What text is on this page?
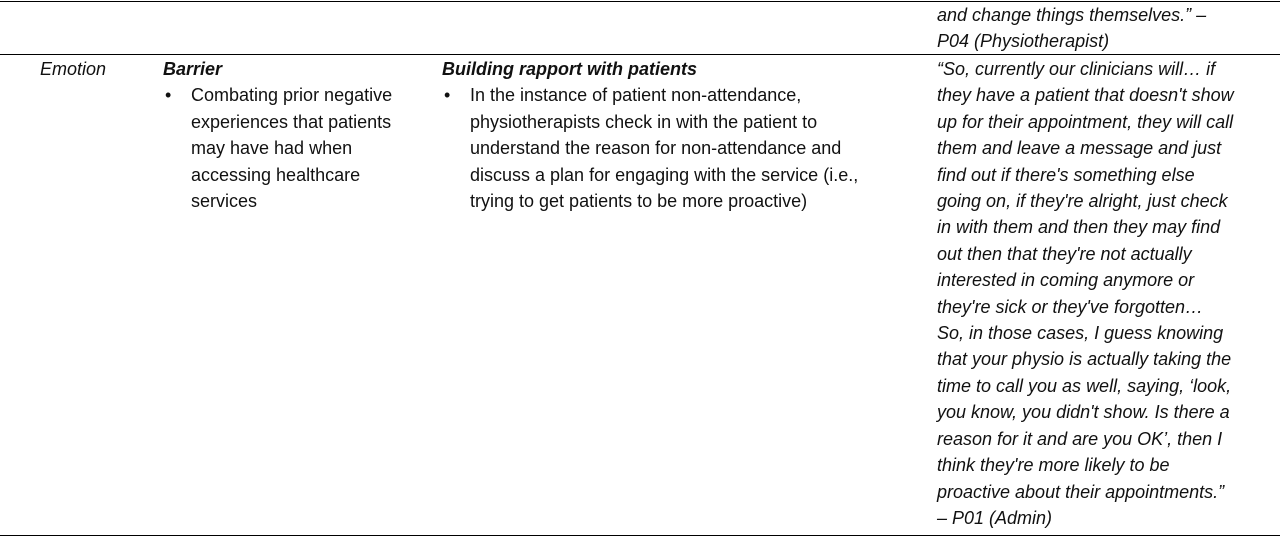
and change things themselves.” –
P04 (Physiotherapist)
Emotion	Barrier
• Combating prior negative
experiences that patients
may have had when
accessing healthcare
services
Building rapport with patients
• In the instance of patient non-attendance,
physiotherapists check in with the patient to
understand the reason for non-attendance and
discuss a plan for engaging with the service (i.e.,
trying to get patients to be more proactive)
“So, currently our clinicians will… if
they have a patient that doesn't show
up for their appointment, they will call
them and leave a message and just
find out if there's something else
going on, if they're alright, just check
in with them and then they may find
out then that they're not actually
interested in coming anymore or
they're sick or they've forgotten…
So, in those cases, I guess knowing
that your physio is actually taking the
time to call you as well, saying, ‘look,
you know, you didn't show. Is there a
reason for it and are you OK’, then I
think they're more likely to be
proactive about their appointments.”
– P01 (Admin)
